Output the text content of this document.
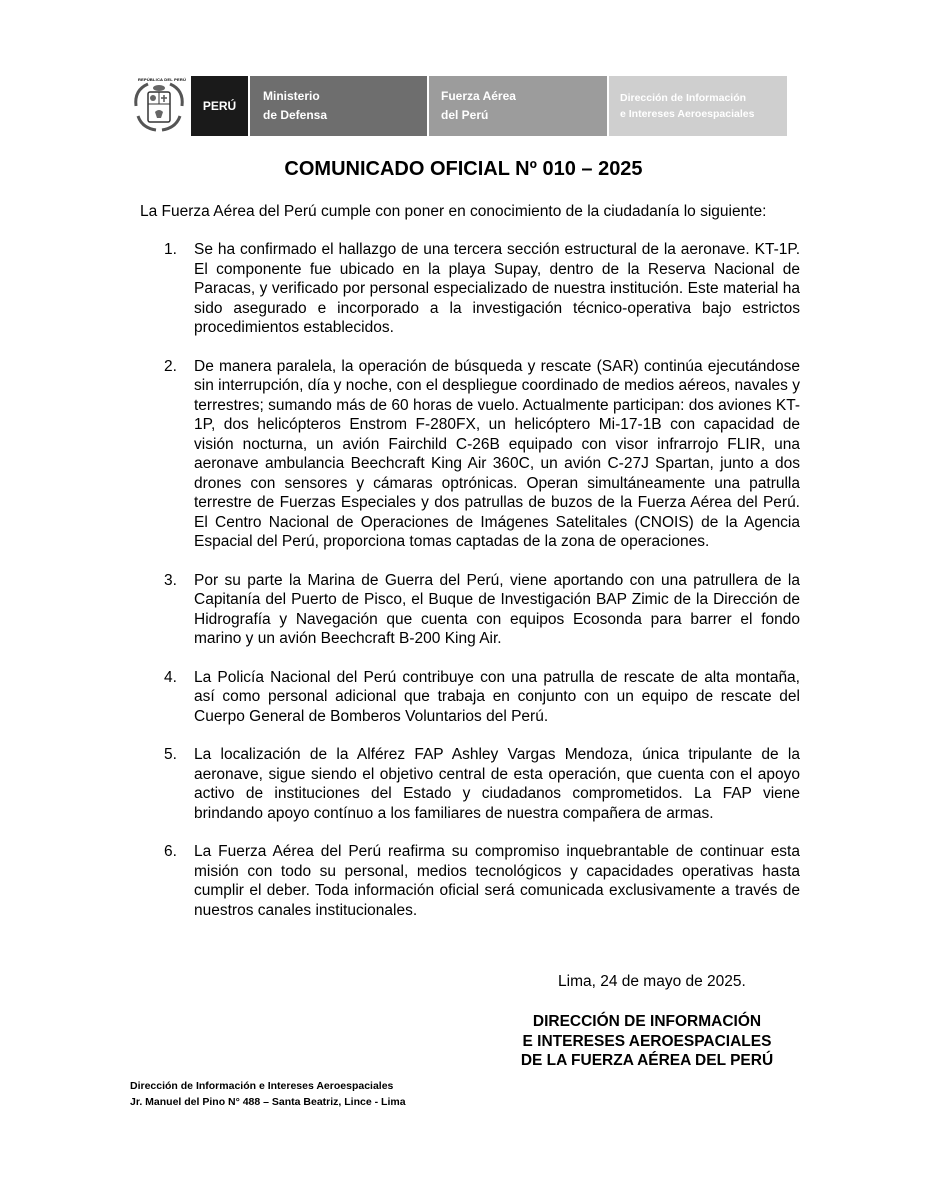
REPÚBLICA DEL PERÚ
PERÚ
Ministerio
de Defensa
Fuerza Aérea
del Perú
Dirección de Información
e Intereses Aeroespaciales
COMUNICADO OFICIAL Nº 010 – 2025
La Fuerza Aérea del Perú cumple con poner en conocimiento de la ciudadanía lo siguiente:
1. Se ha confirmado el hallazgo de una tercera sección estructural de la aeronave. KT-1P. El componente fue ubicado en la playa Supay, dentro de la Reserva Nacional de Paracas, y verificado por personal especializado de nuestra institución. Este material ha sido asegurado e incorporado a la investigación técnico-operativa bajo estrictos procedimientos establecidos.
2. De manera paralela, la operación de búsqueda y rescate (SAR) continúa ejecutándose sin interrupción, día y noche, con el despliegue coordinado de medios aéreos, navales y terrestres; sumando más de 60 horas de vuelo. Actualmente participan: dos aviones KT-1P, dos helicópteros Enstrom F-280FX, un helicóptero Mi-17-1B con capacidad de visión nocturna, un avión Fairchild C-26B equipado con visor infrarrojo FLIR, una aeronave ambulancia Beechcraft King Air 360C, un avión C-27J Spartan, junto a dos drones con sensores y cámaras optrónicas. Operan simultáneamente una patrulla terrestre de Fuerzas Especiales y dos patrullas de buzos de la Fuerza Aérea del Perú. El Centro Nacional de Operaciones de Imágenes Satelitales (CNOIS) de la Agencia Espacial del Perú, proporciona tomas captadas de la zona de operaciones.
3. Por su parte la Marina de Guerra del Perú, viene aportando con una patrullera de la Capitanía del Puerto de Pisco, el Buque de Investigación BAP Zimic de la Dirección de Hidrografía y Navegación que cuenta con equipos Ecosonda para barrer el fondo marino y un avión Beechcraft B-200 King Air.
4. La Policía Nacional del Perú contribuye con una patrulla de rescate de alta montaña, así como personal adicional que trabaja en conjunto con un equipo de rescate del Cuerpo General de Bomberos Voluntarios del Perú.
5. La localización de la Alférez FAP Ashley Vargas Mendoza, única tripulante de la aeronave, sigue siendo el objetivo central de esta operación, que cuenta con el apoyo activo de instituciones del Estado y ciudadanos comprometidos. La FAP viene brindando apoyo contínuo a los familiares de nuestra compañera de armas.
6. La Fuerza Aérea del Perú reafirma su compromiso inquebrantable de continuar esta misión con todo su personal, medios tecnológicos y capacidades operativas hasta cumplir el deber. Toda información oficial será comunicada exclusivamente a través de nuestros canales institucionales.
Lima, 24 de mayo de 2025.
DIRECCIÓN DE INFORMACIÓN
E INTERESES AEROESPACIALES
DE LA FUERZA AÉREA DEL PERÚ
Dirección de Información e Intereses Aeroespaciales
Jr. Manuel del Pino N° 488 – Santa Beatriz, Lince - Lima
